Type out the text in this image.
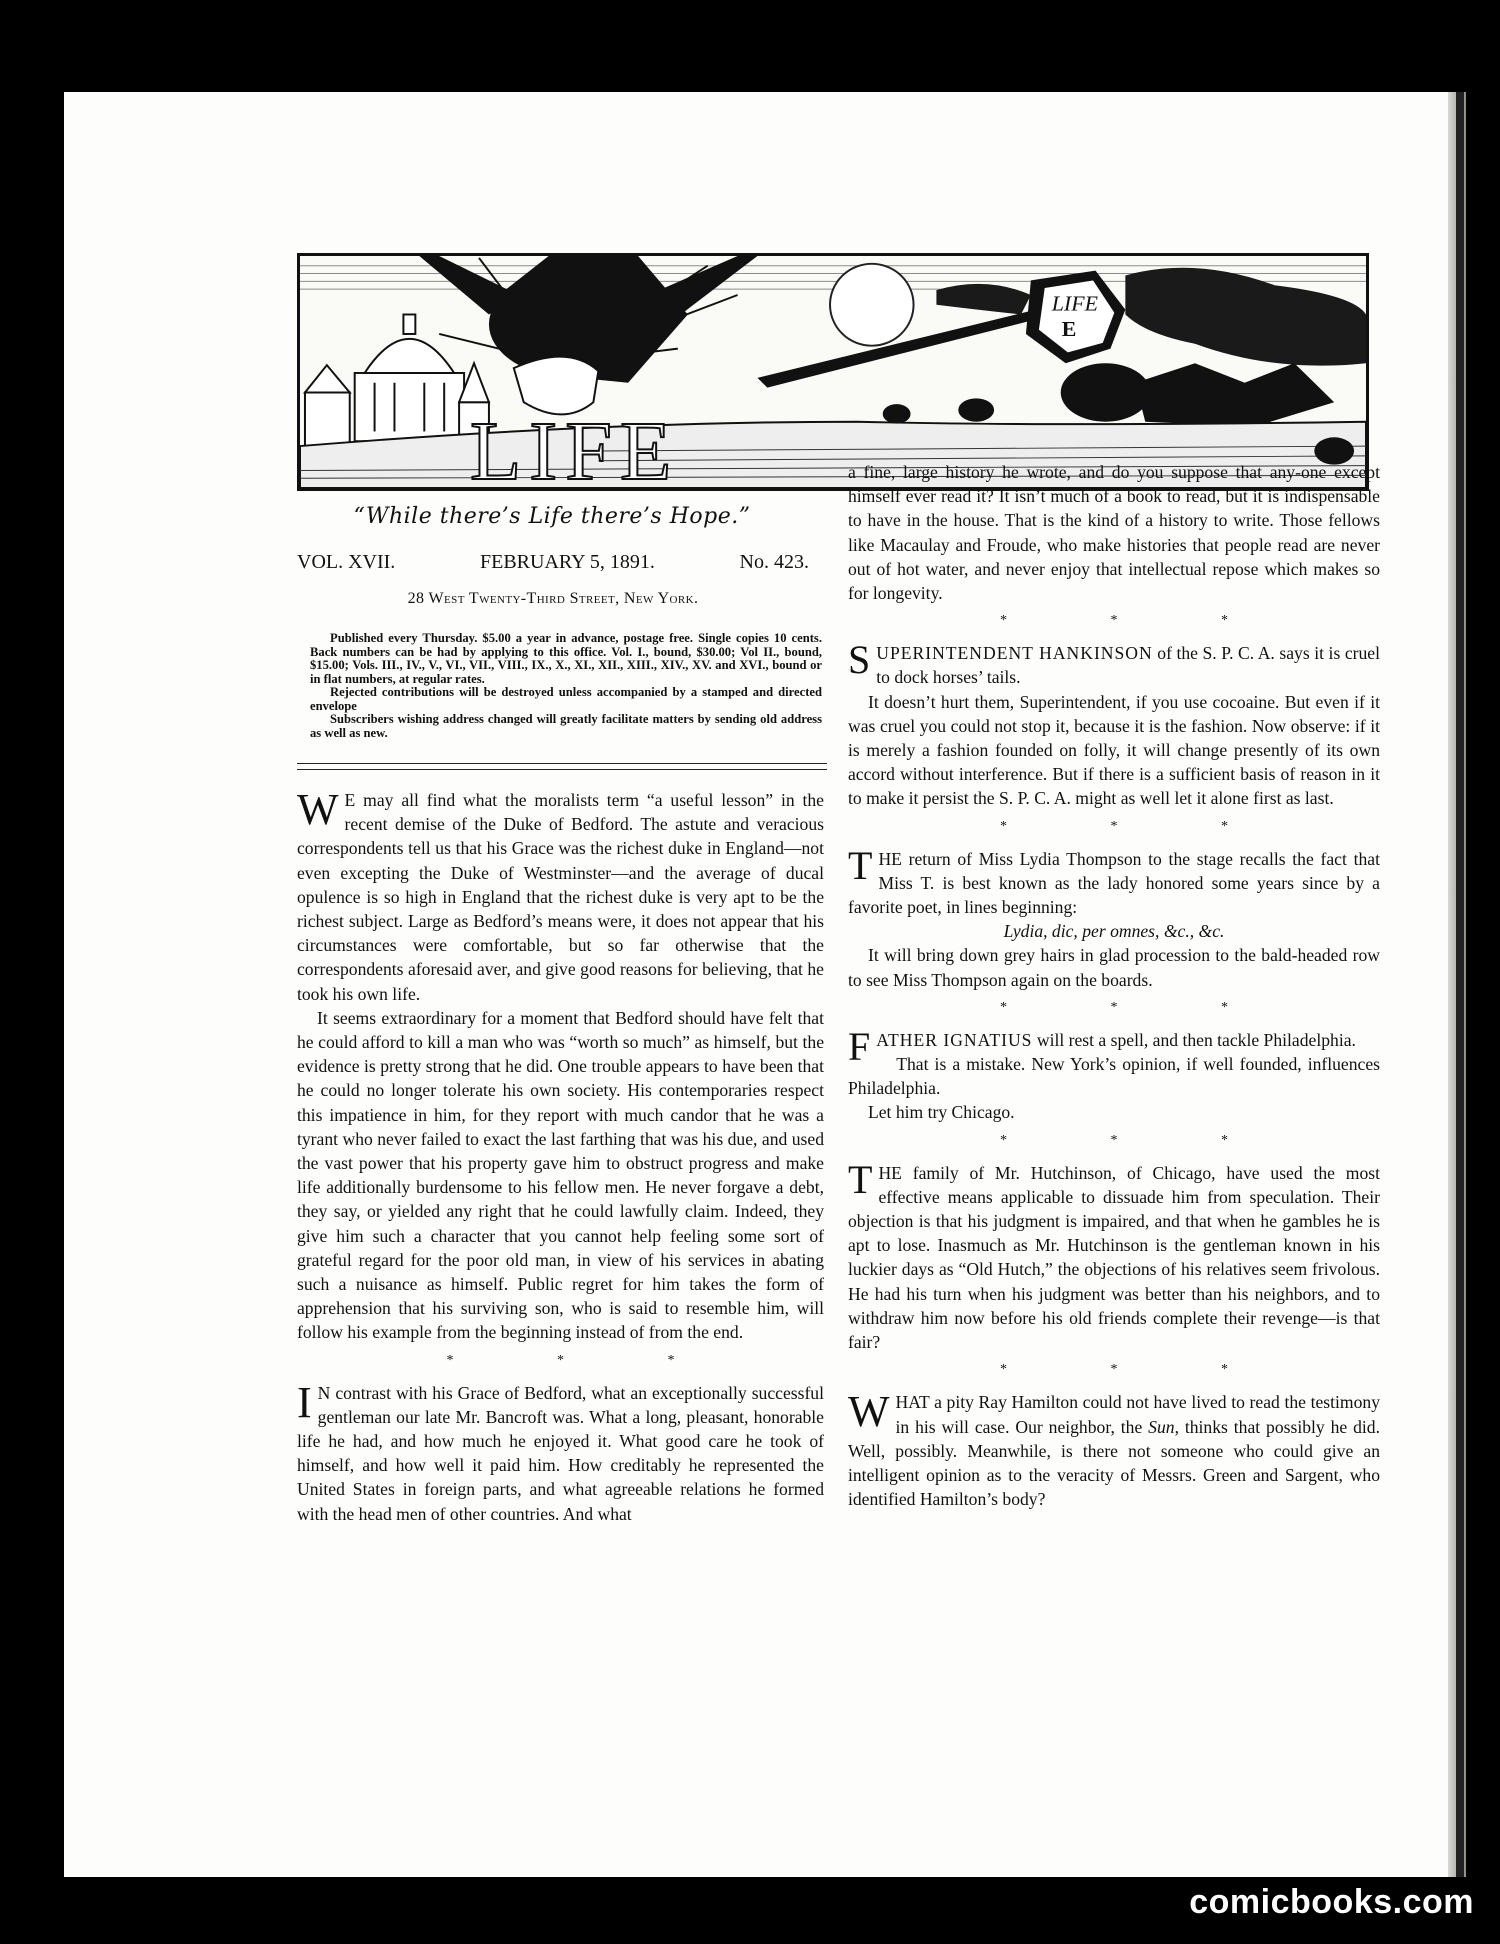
LIFE
E
LIFE
“While there’s Life there’s Hope.”
VOL. XVII.	FEBRUARY 5, 1891.	No. 423.
28 West Twenty-Third Street, New York.

Published every Thursday. $5.00 a year in advance, postage free. Single copies 10 cents. Back numbers can be had by applying to this office. Vol. I., bound, $30.00; Vol II., bound, $15.00; Vols. III., IV., V., VI., VII., VIII., IX., X., XI., XII., XIII., XIV., XV. and XVI., bound or in flat numbers, at regular rates.

Rejected contributions will be destroyed unless accompanied by a stamped and directed envelope

Subscribers wishing address changed will greatly facilitate matters by sending old address as well as new.

W E may all find what the moralists term “a useful lesson” in the recent demise of the Duke of Bedford. The astute and veracious correspondents tell us that his Grace was the richest duke in England—not even excepting the Duke of Westminster—and the average of ducal opulence is so high in England that the richest duke is very apt to be the richest subject. Large as Bedford’s means were, it does not appear that his circumstances were comfortable, but so far otherwise that the correspondents aforesaid aver, and give good reasons for believing, that he took his own life.

It seems extraordinary for a moment that Bedford should have felt that he could afford to kill a man who was “worth so much” as himself, but the evidence is pretty strong that he did. One trouble appears to have been that he could no longer tolerate his own society. His contemporaries respect this impatience in him, for they report with much candor that he was a tyrant who never failed to exact the last farthing that was his due, and used the vast power that his property gave him to obstruct progress and make life additionally burdensome to his fellow men. He never forgave a debt, they say, or yielded any right that he could lawfully claim. Indeed, they give him such a character that you cannot help feeling some sort of grateful regard for the poor old man, in view of his services in abating such a nuisance as himself. Public regret for him takes the form of apprehension that his surviving son, who is said to resemble him, will follow his example from the beginning instead of from the end.

* * *

I N contrast with his Grace of Bedford, what an exceptionally successful gentleman our late Mr. Bancroft was. What a long, pleasant, honorable life he had, and how much he enjoyed it. What good care he took of himself, and how well it paid him. How creditably he represented the United States in foreign parts, and what agreeable relations he formed with the head men of other countries. And what

a fine, large history he wrote, and do you suppose that any-one except himself ever read it? It isn’t much of a book to read, but it is indispensable to have in the house. That is the kind of a history to write. Those fellows like Macaulay and Froude, who make histories that people read are never out of hot water, and never enjoy that intellectual repose which makes so for longevity.

* * *

SUPERINTENDENT HANKINSON of the S. P. C. A. says it is cruel to dock horses’ tails.

It doesn’t hurt them, Superintendent, if you use cocoaine. But even if it was cruel you could not stop it, because it is the fashion. Now observe: if it is merely a fashion founded on folly, it will change presently of its own accord without interference. But if there is a sufficient basis of reason in it to make it persist the S. P. C. A. might as well let it alone first as last.

* * *

THE return of Miss Lydia Thompson to the stage recalls the fact that Miss T. is best known as the lady honored some years since by a favorite poet, in lines beginning:

Lydia, dic, per omnes, &c., &c.

It will bring down grey hairs in glad procession to the bald-headed row to see Miss Thompson again on the boards.

* * *

FATHER IGNATIUS will rest a spell, and then tackle Philadelphia.

That is a mistake. New York’s opinion, if well founded, influences Philadelphia.

Let him try Chicago.

* * *

THE family of Mr. Hutchinson, of Chicago, have used the most effective means applicable to dissuade him from speculation. Their objection is that his judgment is impaired, and that when he gambles he is apt to lose. Inasmuch as Mr. Hutchinson is the gentleman known in his luckier days as “Old Hutch,” the objections of his relatives seem frivolous. He had his turn when his judgment was better than his neighbors, and to withdraw him now before his old friends complete their revenge—is that fair?

* * *

WHAT a pity Ray Hamilton could not have lived to read the testimony in his will case. Our neighbor, the Sun, thinks that possibly he did. Well, possibly. Meanwhile, is there not someone who could give an intelligent opinion as to the veracity of Messrs. Green and Sargent, who identified Hamilton’s body?

comicbooks.com
